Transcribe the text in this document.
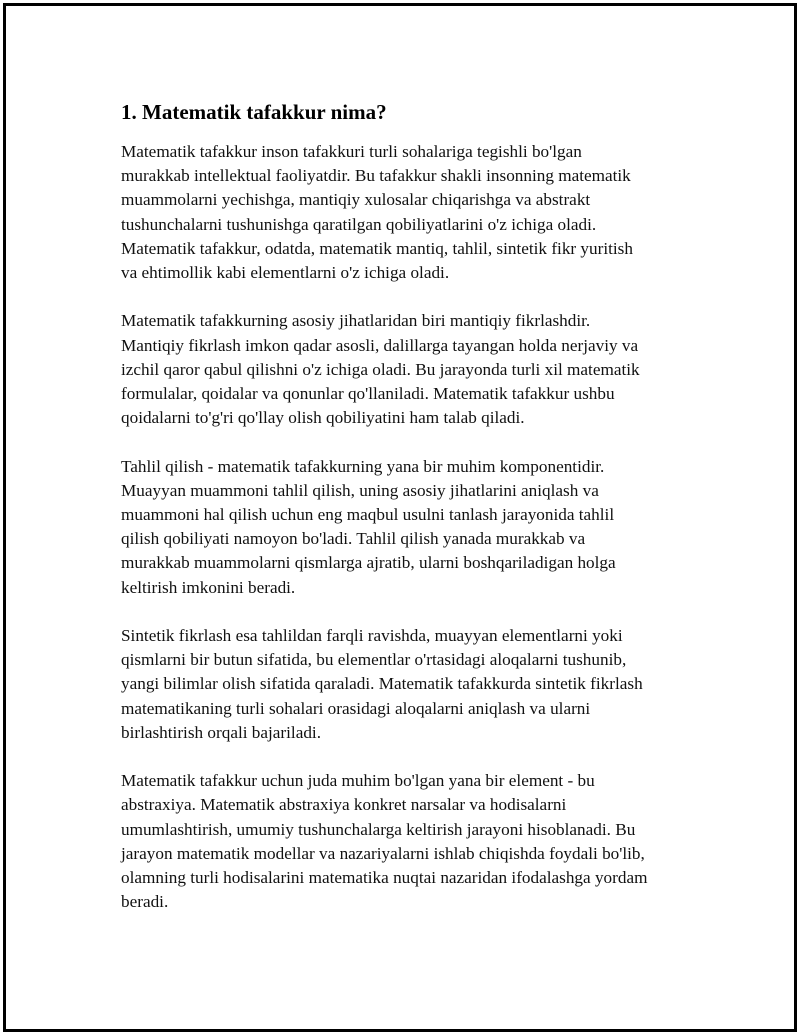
1. Matematik tafakkur nima?

Matematik tafakkur inson tafakkuri turli sohalariga tegishli bo'lgan
murakkab intellektual faoliyatdir. Bu tafakkur shakli insonning matematik
muammolarni yechishga, mantiqiy xulosalar chiqarishga va abstrakt
tushunchalarni tushunishga qaratilgan qobiliyatlarini o'z ichiga oladi.
Matematik tafakkur, odatda, matematik mantiq, tahlil, sintetik fikr yuritish
va ehtimollik kabi elementlarni o'z ichiga oladi.

Matematik tafakkurning asosiy jihatlaridan biri mantiqiy fikrlashdir.
Mantiqiy fikrlash imkon qadar asosli, dalillarga tayangan holda nerjaviy va
izchil qaror qabul qilishni o'z ichiga oladi. Bu jarayonda turli xil matematik
formulalar, qoidalar va qonunlar qo'llaniladi. Matematik tafakkur ushbu
qoidalarni to'g'ri qo'llay olish qobiliyatini ham talab qiladi.

Tahlil qilish - matematik tafakkurning yana bir muhim komponentidir.
Muayyan muammoni tahlil qilish, uning asosiy jihatlarini aniqlash va
muammoni hal qilish uchun eng maqbul usulni tanlash jarayonida tahlil
qilish qobiliyati namoyon bo'ladi. Tahlil qilish yanada murakkab va
murakkab muammolarni qismlarga ajratib, ularni boshqariladigan holga
keltirish imkonini beradi.

Sintetik fikrlash esa tahlildan farqli ravishda, muayyan elementlarni yoki
qismlarni bir butun sifatida, bu elementlar o'rtasidagi aloqalarni tushunib,
yangi bilimlar olish sifatida qaraladi. Matematik tafakkurda sintetik fikrlash
matematikaning turli sohalari orasidagi aloqalarni aniqlash va ularni
birlashtirish orqali bajariladi.

Matematik tafakkur uchun juda muhim bo'lgan yana bir element - bu
abstraxiya. Matematik abstraxiya konkret narsalar va hodisalarni
umumlashtirish, umumiy tushunchalarga keltirish jarayoni hisoblanadi. Bu
jarayon matematik modellar va nazariyalarni ishlab chiqishda foydali bo'lib,
olamning turli hodisalarini matematika nuqtai nazaridan ifodalashga yordam
beradi.
